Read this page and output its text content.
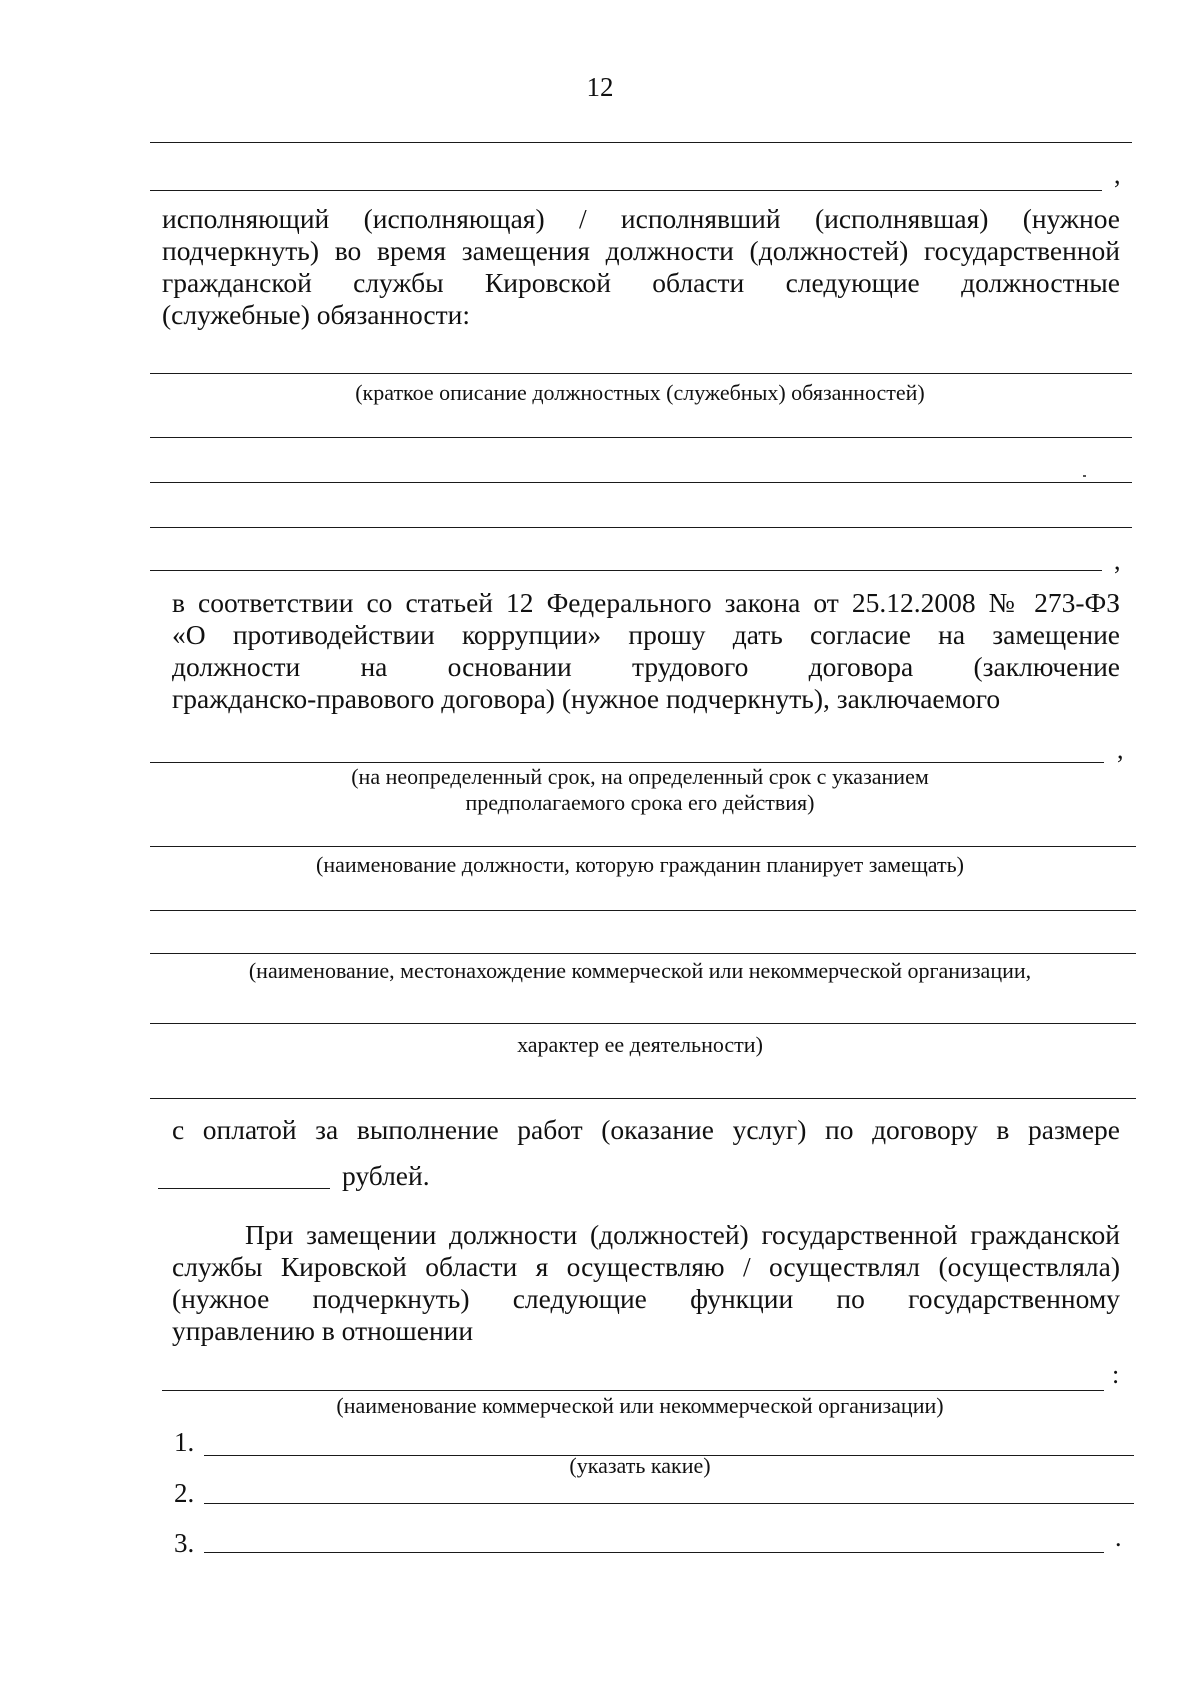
12
,
исполняющий (исполняющая) / исполнявший (исполнявшая) (нужное
подчеркнуть) во время замещения должности (должностей) государственной
гражданской службы Кировской области следующие должностные
(служебные) обязанности:
(краткое описание должностных (служебных) обязанностей)
,
в соответствии со статьей 12 Федерального закона от 25.12.2008 № 273-ФЗ
«О противодействии коррупции» прошу дать согласие на замещение
должности на основании трудового договора (заключение
гражданско-правового договора) (нужное подчеркнуть), заключаемого
,
(на неопределенный срок, на определенный срок с указанием
предполагаемого срока его действия)
(наименование должности, которую гражданин планирует замещать)
(наименование, местонахождение коммерческой или некоммерческой организации,
характер ее деятельности)
с оплатой за выполнение работ (оказание услуг) по договору в размере
рублей.
При замещении должности (должностей) государственной гражданской
службы Кировской области я осуществляю / осуществлял (осуществляла)
(нужное подчеркнуть) следующие функции по государственному
управлению в отношении
:
(наименование коммерческой или некоммерческой организации)
1.
(указать какие)
2.
3.	.
